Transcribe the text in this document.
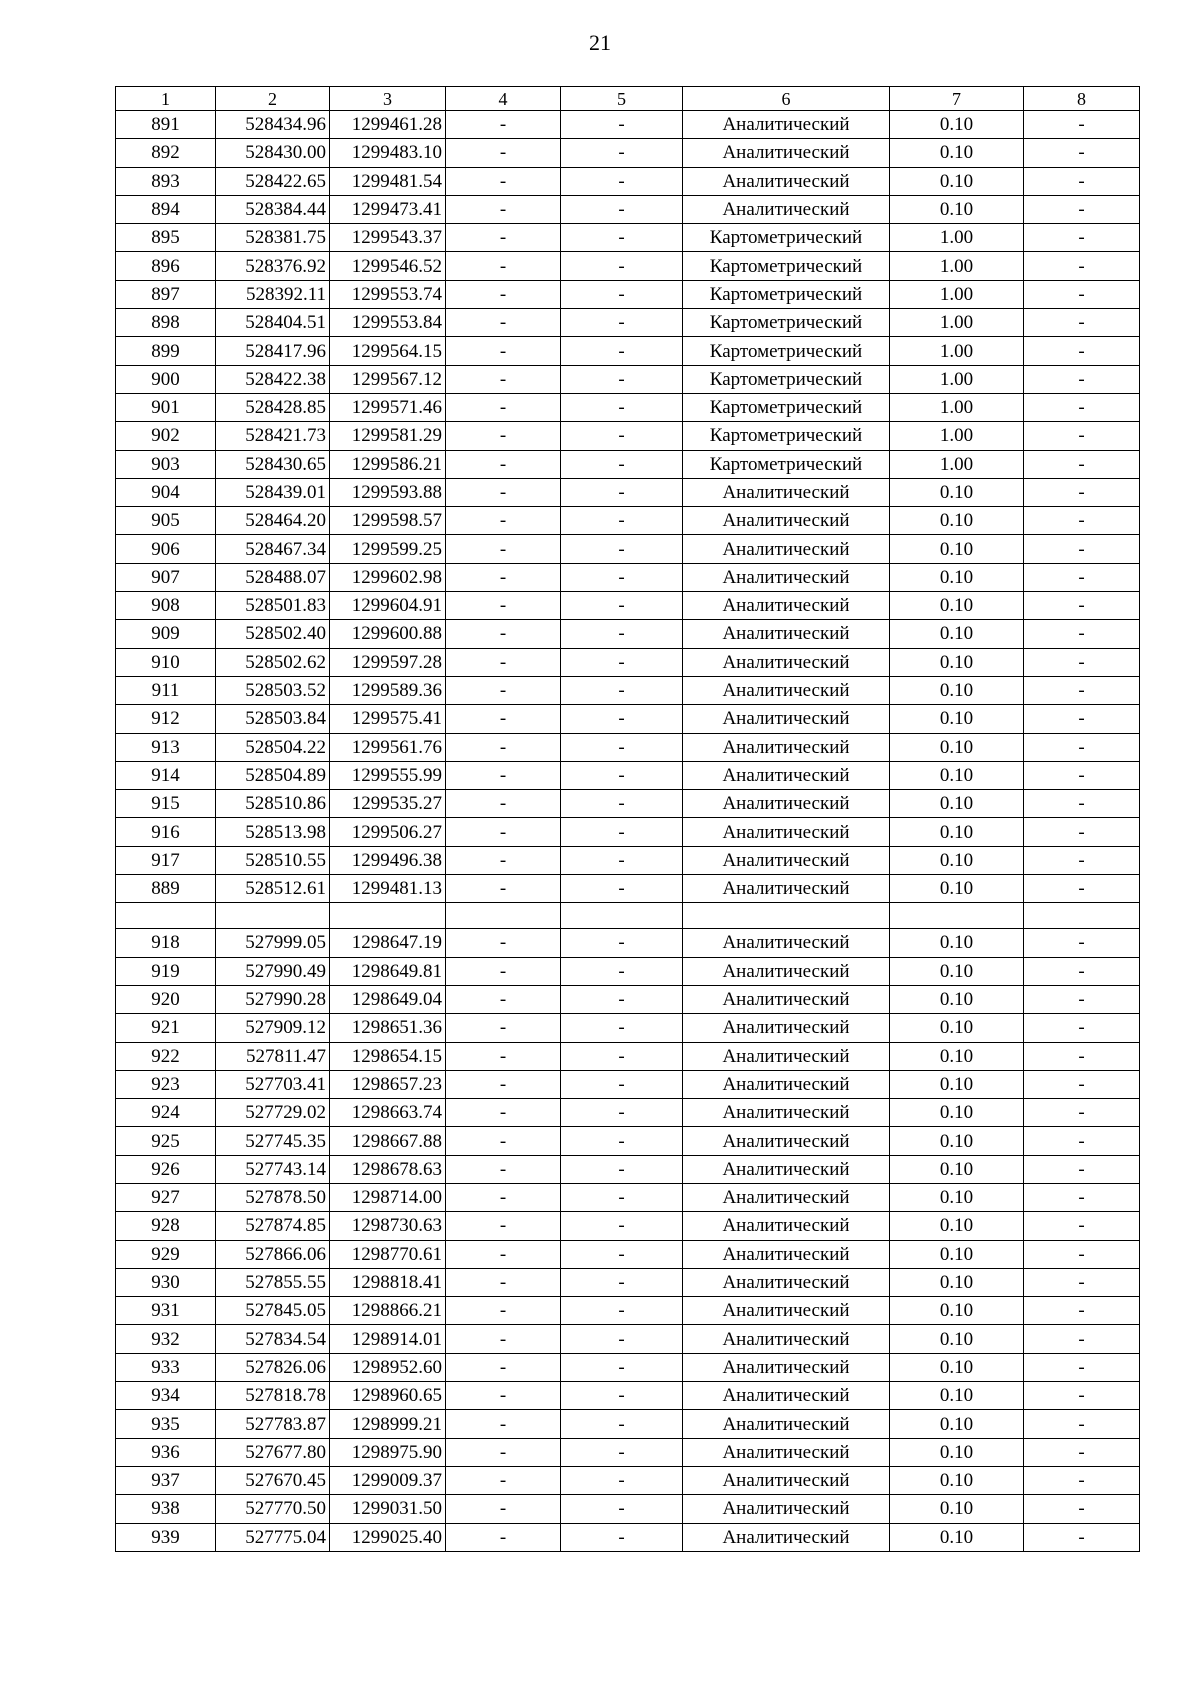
21
1	2	3	4	5	6	7	8
891	528434.96	1299461.28	-	-	Аналитический	0.10	-
892	528430.00	1299483.10	-	-	Аналитический	0.10	-
893	528422.65	1299481.54	-	-	Аналитический	0.10	-
894	528384.44	1299473.41	-	-	Аналитический	0.10	-
895	528381.75	1299543.37	-	-	Картометрический	1.00	-
896	528376.92	1299546.52	-	-	Картометрический	1.00	-
897	528392.11	1299553.74	-	-	Картометрический	1.00	-
898	528404.51	1299553.84	-	-	Картометрический	1.00	-
899	528417.96	1299564.15	-	-	Картометрический	1.00	-
900	528422.38	1299567.12	-	-	Картометрический	1.00	-
901	528428.85	1299571.46	-	-	Картометрический	1.00	-
902	528421.73	1299581.29	-	-	Картометрический	1.00	-
903	528430.65	1299586.21	-	-	Картометрический	1.00	-
904	528439.01	1299593.88	-	-	Аналитический	0.10	-
905	528464.20	1299598.57	-	-	Аналитический	0.10	-
906	528467.34	1299599.25	-	-	Аналитический	0.10	-
907	528488.07	1299602.98	-	-	Аналитический	0.10	-
908	528501.83	1299604.91	-	-	Аналитический	0.10	-
909	528502.40	1299600.88	-	-	Аналитический	0.10	-
910	528502.62	1299597.28	-	-	Аналитический	0.10	-
911	528503.52	1299589.36	-	-	Аналитический	0.10	-
912	528503.84	1299575.41	-	-	Аналитический	0.10	-
913	528504.22	1299561.76	-	-	Аналитический	0.10	-
914	528504.89	1299555.99	-	-	Аналитический	0.10	-
915	528510.86	1299535.27	-	-	Аналитический	0.10	-
916	528513.98	1299506.27	-	-	Аналитический	0.10	-
917	528510.55	1299496.38	-	-	Аналитический	0.10	-
889	528512.61	1299481.13	-	-	Аналитический	0.10	-

918	527999.05	1298647.19	-	-	Аналитический	0.10	-
919	527990.49	1298649.81	-	-	Аналитический	0.10	-
920	527990.28	1298649.04	-	-	Аналитический	0.10	-
921	527909.12	1298651.36	-	-	Аналитический	0.10	-
922	527811.47	1298654.15	-	-	Аналитический	0.10	-
923	527703.41	1298657.23	-	-	Аналитический	0.10	-
924	527729.02	1298663.74	-	-	Аналитический	0.10	-
925	527745.35	1298667.88	-	-	Аналитический	0.10	-
926	527743.14	1298678.63	-	-	Аналитический	0.10	-
927	527878.50	1298714.00	-	-	Аналитический	0.10	-
928	527874.85	1298730.63	-	-	Аналитический	0.10	-
929	527866.06	1298770.61	-	-	Аналитический	0.10	-
930	527855.55	1298818.41	-	-	Аналитический	0.10	-
931	527845.05	1298866.21	-	-	Аналитический	0.10	-
932	527834.54	1298914.01	-	-	Аналитический	0.10	-
933	527826.06	1298952.60	-	-	Аналитический	0.10	-
934	527818.78	1298960.65	-	-	Аналитический	0.10	-
935	527783.87	1298999.21	-	-	Аналитический	0.10	-
936	527677.80	1298975.90	-	-	Аналитический	0.10	-
937	527670.45	1299009.37	-	-	Аналитический	0.10	-
938	527770.50	1299031.50	-	-	Аналитический	0.10	-
939	527775.04	1299025.40	-	-	Аналитический	0.10	-
